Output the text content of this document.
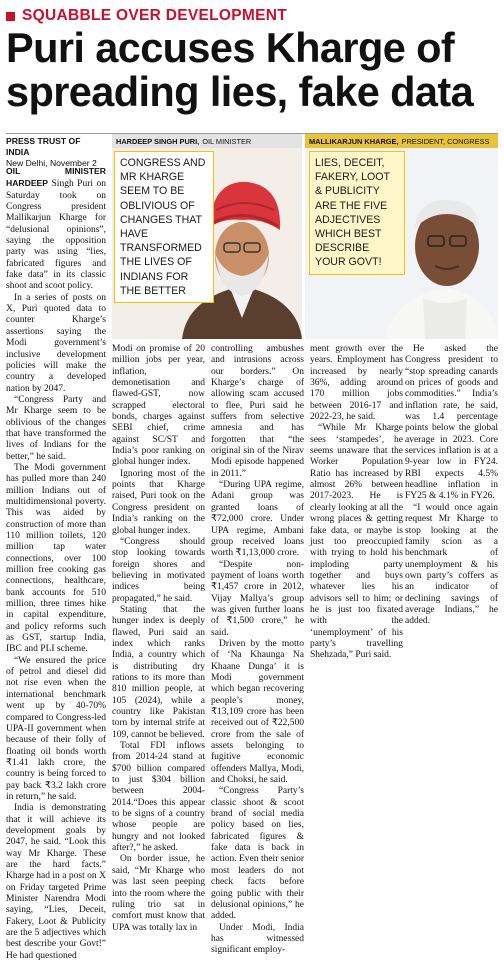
SQUABBLE OVER DEVELOPMENT
Puri accuses Kharge of spreading lies, fake data
PRESS TRUST OF INDIA
New Delhi, November 2
HARDEEP SINGH PURI, OIL MINISTER
CONGRESS AND MR KHARGE SEEM TO BE OBLIVIOUS OF CHANGES THAT HAVE TRANSFORMED THE LIVES OF INDIANS FOR THE BETTER
MALLIKARJUN KHARGE, PRESIDENT, CONGRESS
LIES, DECEIT, FAKERY, LOOT & PUBLICITY ARE THE FIVE ADJECTIVES WHICH BEST DESCRIBE YOUR GOVT!

OIL MINISTER HARDEEP Singh Puri on Saturday took on Congress president Mallikarjun Kharge for “delusional opinions”, saying the opposition party was using “lies, fabricated figures and fake data” in its classic shoot and scoot policy.

In a series of posts on X, Puri quoted data to counter Kharge’s assertions saying the Modi government’s inclusive development policies will make the country a developed nation by 2047.

“Congress Party and Mr Kharge seem to be oblivious of the changes that have transformed the lives of Indians for the better,” he said.

The Modi government has pulled more than 240 million Indians out of multidimensional poverty. This was aided by construction of more than 110 million toilets, 120 million tap water connections, over 100 million free cooking gas connections, healthcare, bank accounts for 510 million, three times hike in capital expenditure, and policy reforms such as GST, startup India, IBC and PLI scheme.

“We ensured the price of petrol and diesel did not rise even when the international benchmark went up by 40-70% compared to Congress-led UPA-II government when because of their folly of floating oil bonds worth ₹1.41 lakh crore, the country is being forced to pay back ₹3.2 lakh crore in return,” he said.

India is demonstrating that it will achieve its development goals by 2047, he said. “Look this way Mr Kharge. These are the hard facts.” Kharge had in a post on X on Friday targeted Prime Minister Narendra Modi saying, “Lies, Deceit, Fakery, Loot & Publicity are the 5 adjectives which best describe your Govt!” He had questioned

Modi on promise of 20 million jobs per year, inflation, demonetisation and flawed-GST, now scrapped electoral bonds, charges against SEBI chief, crime against SC/ST and India’s poor ranking on global hunger index.

Ignoring most of the points that Kharge raised, Puri took on the Congress president on India’s ranking on the global hunger index.

“Congress should stop looking towards foreign shores and believing in motivated indices being propagated,” he said.

Stating that the hunger index is deeply flawed, Puri said an index which ranks India, a country which is distributing dry rations to its more than 810 million people, at 105 (2024), while a country like Pakistan torn by internal strife at 109, cannot be believed.

Total FDI inflows from 2014-24 stand at $700 billion compared to just $304 billion between 2004-2014.“Does this appear to be signs of a country whose people are hungry and not looked after?,” he asked.

On border issue, he said, “Mr Kharge who was last seen peeping into the room where the ruling trio sat in comfort must know that UPA was totally lax in

controlling ambushes and intrusions across our borders.” On Kharge’s charge of allowing scam accused to flee, Puri said he suffers from selective amnesia and has forgotten that “the original sin of the Nirav Modi episode happened in 2011.”

“During UPA regime, Adani group was granted loans of ₹72,000 crore. Under UPA regime, Ambani group received loans worth ₹1,13,000 crore.

“Despite non-payment of loans worth ₹1,457 crore in 2012, Vijay Mallya’s group was given further loans of ₹1,500 crore,” he said.

Driven by the motto of ‘Na Khaunga Na Khaane Dunga’ it is Modi government which began recovering people’s money, ₹13,109 crore has been received out of ₹22,500 crore from the sale of assets belonging to fugitive economic offenders Mallya, Modi, and Choksi, he said.

“Congress Party’s classic shoot & scoot brand of social media policy based on lies, fabricated figures & fake data is back in action. Even their senior most leaders do not check facts before going public with their delusional opinions,” he added.

Under Modi, India has witnessed significant employ-

ment growth over the years. Employment has increased by nearly 36%, adding around 170 million jobs between 2016-17 and 2022-23, he said.

“While Mr Kharge sees ‘stampedes’, he seems unaware that the Worker Population Ratio has increased by almost 26% between 2017-2023. He is clearly looking at all the wrong places & getting fake data, or maybe is just too preoccupied with trying to hold his imploding party together and buys whatever lies his advisors sell to him; or he is just too fixated with the ‘unemployment’ of his party’s travelling Shehzada,” Puri said.

He asked the Congress president to “stop spreading canards on prices of goods and commodities.” India’s inflation rate, he said, was 1.4 percentage points below the global average in 2023. Core services inflation is at a 9-year low in FY24. RBI expects 4.5% headline inflation in FY25 & 4.1% in FY26.

“I would once again request Mr Kharge to stop looking at the family scion as a benchmark of unemployment & his own party’s coffers as an indicator of declining savings of average Indians,” he added.
